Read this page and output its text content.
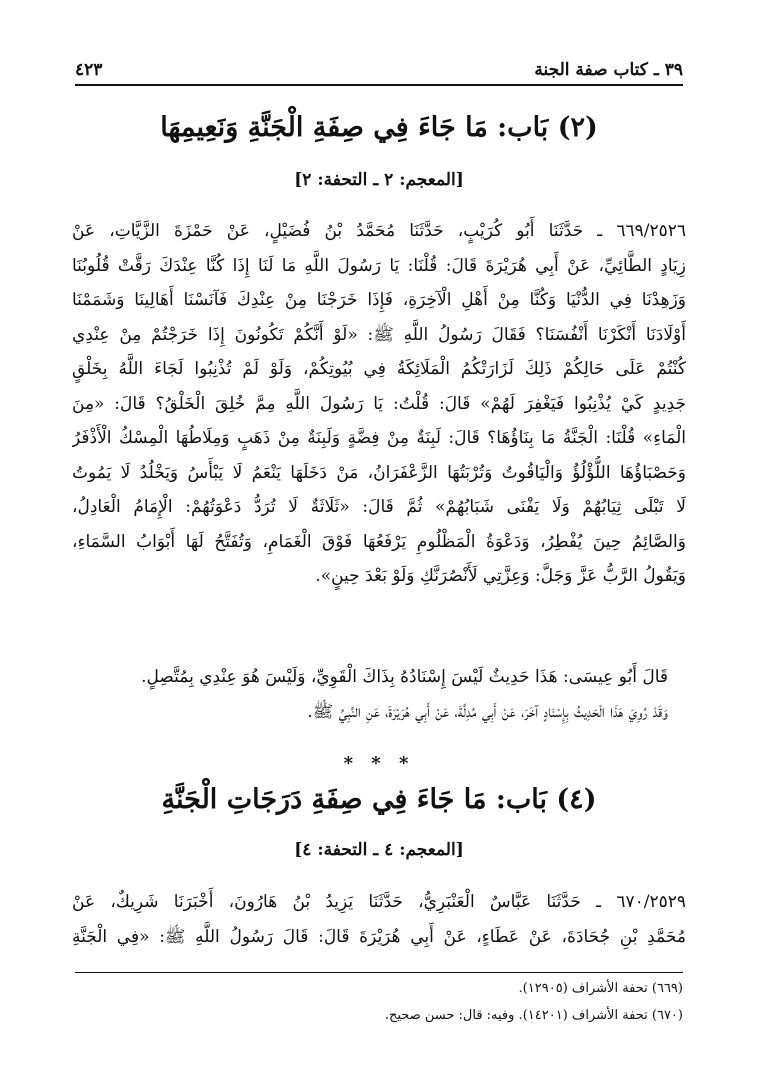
٣٩ ـ كتاب صفة الجنة
٤٢٣
(٢) بَاب: مَا جَاءَ فِي صِفَةِ الْجَنَّةِ وَنَعِيمِهَا
[المعجم: ٢ ـ التحفة: ٢]
٦٦٩/٢٥٢٦ ـ حَدَّثَنَا أَبُو كُرَيْبٍ، حَدَّثَنَا مُحَمَّدُ بْنُ فُضَيْلٍ، عَنْ حَمْزَةَ الزَّيَّاتِ، عَنْ
زِيَادٍ الطَّائِيِّ، عَنْ أَبِي هُرَيْرَةَ قَالَ: قُلْنَا: يَا رَسُولَ اللَّهِ مَا لَنَا إِذَا كُنَّا عِنْدَكَ رَقَّتْ قُلُوبُنَا
وَزَهِدْنَا فِي الدُّنْيَا وَكُنَّا مِنْ أَهْلِ الْآخِرَةِ، فَإِذَا خَرَجْنَا مِنْ عِنْدِكَ فَآنَسْنَا أَهَالِينَا وَشَمَمْنَا
أَوْلَادَنَا أَنْكَرْنَا أَنْفُسَنَا؟ فَقَالَ رَسُولُ اللَّهِ ﷺ: «لَوْ أَنَّكُمْ تَكُونُونَ إِذَا خَرَجْتُمْ مِنْ عِنْدِي
كُنْتُمْ عَلَى حَالِكُمْ ذَلِكَ لَزَارَتْكُمُ الْمَلَائِكَةُ فِي بُيُوتِكُمْ، وَلَوْ لَمْ تُذْنِبُوا لَجَاءَ اللَّهُ بِخَلْقٍ
جَدِيدٍ كَيْ يُذْنِبُوا فَيَغْفِرَ لَهُمْ» قَالَ: قُلْتُ: يَا رَسُولَ اللَّهِ مِمَّ خُلِقَ الْخَلْقُ؟ قَالَ: «مِنَ
الْمَاءِ» قُلْنَا: الْجَنَّةُ مَا بِنَاؤُهَا؟ قَالَ: لَبِنَةٌ مِنْ فِضَّةٍ وَلَبِنَةٌ مِنْ ذَهَبٍ وَمِلَاطُهَا الْمِسْكُ الْأَذْفَرُ
وَحَصْبَاؤُهَا اللُّؤْلُؤُ وَالْيَاقُوتُ وَتُرْبَتُهَا الزَّعْفَرَانُ، مَنْ دَخَلَهَا يَنْعَمُ لَا يَبْأَسُ وَيَخْلُدُ لَا يَمُوتُ
لَا تَبْلَى ثِيَابُهُمْ وَلَا يَفْنَى شَبَابُهُمْ» ثُمَّ قَالَ: «ثَلَاثَةٌ لَا تُرَدُّ دَعْوَتُهُمْ: الْإِمَامُ الْعَادِلُ،
وَالصَّائِمُ حِينَ يُفْطِرُ، وَدَعْوَةُ الْمَظْلُومِ يَرْفَعُهَا فَوْقَ الْغَمَامِ، وَتُفَتَّحُ لَهَا أَبْوَابُ السَّمَاءِ،
وَيَقُولُ الرَّبُّ عَزَّ وَجَلَّ: وَعِزَّتِي لَأَنْصُرَنَّكِ وَلَوْ بَعْدَ حِينٍ».
قَالَ أَبُو عِيسَى: هَذَا حَدِيثٌ لَيْسَ إِسْنَادُهُ بِذَاكَ الْقَوِيِّ، وَلَيْسَ هُوَ عِنْدِي بِمُتَّصِلٍ.
وَقَدْ رُوِيَ هَذَا الْحَدِيثُ بِإِسْنَادٍ آخَرَ، عَنْ أَبِي مُدِلَّةَ، عَنْ أَبِي هُرَيْرَةَ، عَنِ النَّبِيِّ ﷺ.
* * *
(٤) بَاب: مَا جَاءَ فِي صِفَةِ دَرَجَاتِ الْجَنَّةِ
[المعجم: ٤ ـ التحفة: ٤]
٦٧٠/٢٥٢٩ ـ حَدَّثَنَا عَبَّاسٌ الْعَنْبَرِيُّ، حَدَّثَنَا يَزِيدُ بْنُ هَارُونَ، أَخْبَرَنَا شَرِيكٌ، عَنْ
مُحَمَّدِ بْنِ جُحَادَةَ، عَنْ عَطَاءٍ، عَنْ أَبِي هُرَيْرَةَ قَالَ: قَالَ رَسُولُ اللَّهِ ﷺ: «فِي الْجَنَّةِ
(٦٦٩) تحفة الأشراف (١٢٩٠٥).
(٦٧٠) تحفة الأشراف (١٤٢٠١). وفيه: قال: حسن صحيح.
